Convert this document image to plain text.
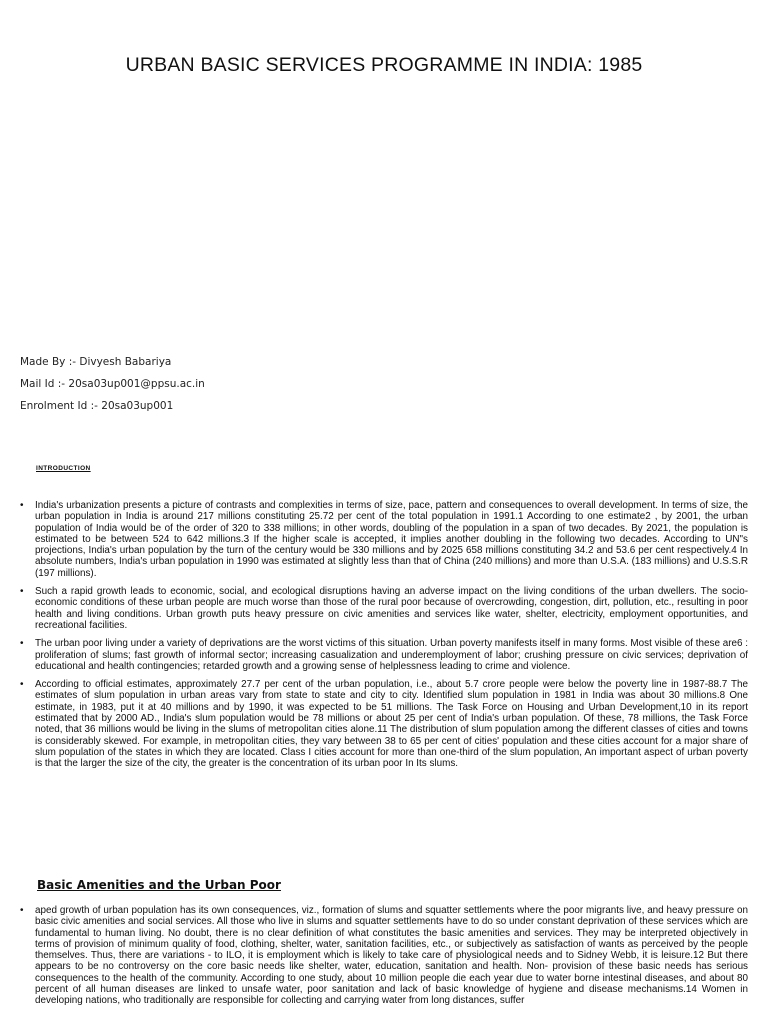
URBAN BASIC SERVICES PROGRAMME IN INDIA: 1985
Made By :- Divyesh Babariya
Mail Id :- 20sa03up001@ppsu.ac.in
Enrolment Id :- 20sa03up001
INTRODUCTION
• India's urbanization presents a picture of contrasts and complexities in terms of size, pace, pattern and consequences to overall development. In terms of size, the urban population in India is around 217 millions constituting 25.72 per cent of the total population in 1991.1 According to one estimate2 , by 2001, the urban population of India would be of the order of 320 to 338 millions; in other words, doubling of the population in a span of two decades. By 2021, the population is estimated to be between 524 to 642 millions.3 If the higher scale is accepted, it implies another doubling in the following two decades. According to UN"s projections, India's urban population by the turn of the century would be 330 millions and by 2025 658 millions constituting 34.2 and 53.6 per cent respectively.4 In absolute numbers, India's urban population in 1990 was estimated at slightly less than that of China (240 millions) and more than U.S.A. (183 millions) and U.S.S.R (197 millions).
• Such a rapid growth leads to economic, social, and ecological disruptions having an adverse impact on the living conditions of the urban dwellers. The socio-economic conditions of these urban people are much worse than those of the rural poor because of overcrowding, congestion, dirt, pollution, etc., resulting in poor health and living conditions. Urban growth puts heavy pressure on civic amenities and services like water, shelter, electricity, employment opportunities, and recreational facilities.
• The urban poor living under a variety of deprivations are the worst victims of this situation. Urban poverty manifests itself in many forms. Most visible of these are6 : proliferation of slums; fast growth of informal sector; increasing casualization and underemployment of labor; crushing pressure on civic services; deprivation of educational and health contingencies; retarded growth and a growing sense of helplessness leading to crime and violence.
• According to official estimates, approximately 27.7 per cent of the urban population, i.e., about 5.7 crore people were below the poverty line in 1987-88.7 The estimates of slum population in urban areas vary from state to state and city to city. Identified slum population in 1981 in India was about 30 millions.8 One estimate, in 1983, put it at 40 millions and by 1990, it was expected to be 51 millions. The Task Force on Housing and Urban Development,10 in its report estimated that by 2000 AD., India's slum population would be 78 millions or about 25 per cent of India's urban population. Of these, 78 millions, the Task Force noted, that 36 millions would be living in the slums of metropolitan cities alone.11 The distribution of slum population among the different classes of cities and towns is considerably skewed. For example, in metropolitan cities, they vary between 38 to 65 per cent of cities' population and these cities account for a major share of slum population of the states in which they are located. Class I cities account for more than one-third of the slum population, An important aspect of urban poverty is that the larger the size of the city, the greater is the concentration of its urban poor In Its slums.
Basic Amenities and the Urban Poor
• aped growth of urban population has its own consequences, viz., formation of slums and squatter settlements where the poor migrants live, and heavy pressure on basic civic amenities and social services. All those who live in slums and squatter settlements have to do so under constant deprivation of these services which are fundamental to human living. No doubt, there is no clear definition of what constitutes the basic amenities and services. They may be interpreted objectively in terms of provision of minimum quality of food, clothing, shelter, water, sanitation facilities, etc., or subjectively as satisfaction of wants as perceived by the people themselves. Thus, there are variations - to ILO, it is employment which is likely to take care of physiological needs and to Sidney Webb, it is leisure.12 But there appears to be no controversy on the core basic needs like shelter, water, education, sanitation and health. Non- provision of these basic needs has serious consequences to the health of the community. According to one study, about 10 million people die each year due to water borne intestinal diseases, and about 80 percent of all human diseases are linked to unsafe water, poor sanitation and lack of basic knowledge of hygiene and disease mechanisms.14 Women in developing nations, who traditionally are responsible for collecting and carrying water from long distances, suffer
